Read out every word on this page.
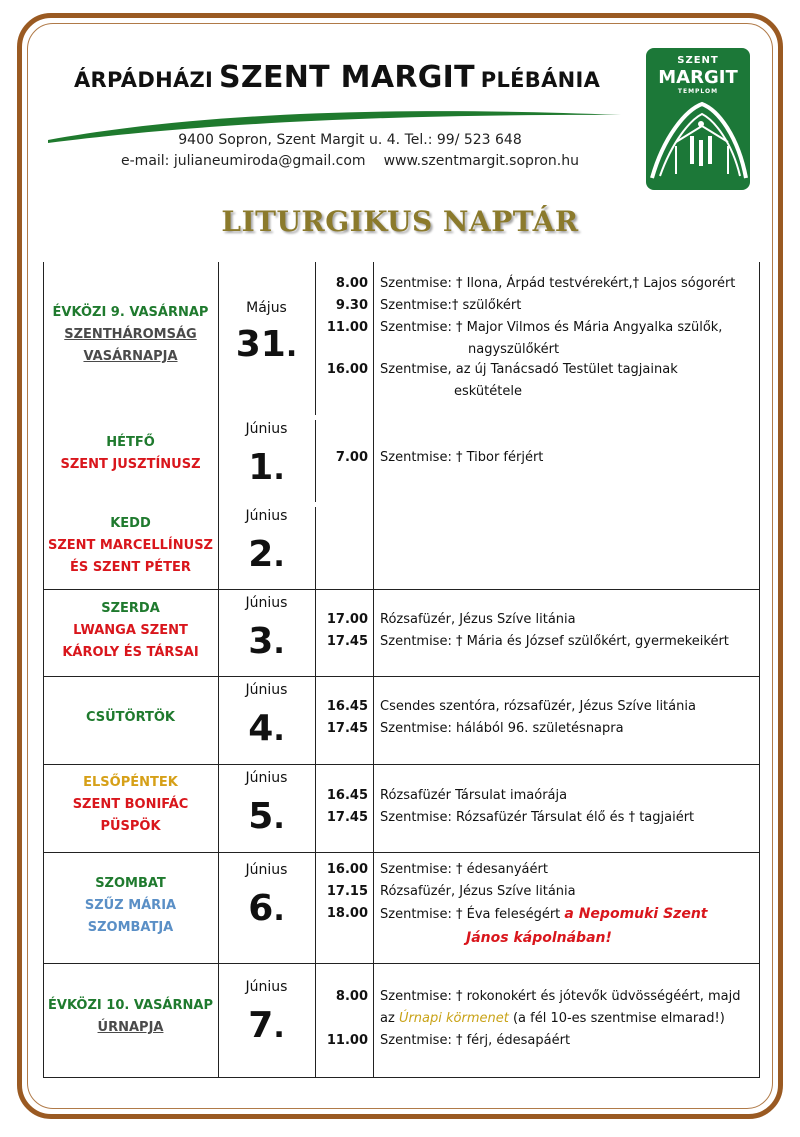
ÁRPÁDHÁZI SZENT MARGIT PLÉBÁNIA
9400 Sopron, Szent Margit u. 4. Tel.: 99/ 523 648
e-mail: julianeumiroda@gmail.com www.szentmargit.sopron.hu
SZENT
MARGIT
TEMPLOM
LITURGIKUS NAPTÁR
ÉVKÖZI 9. VASÁRNAP
SZENTHÁROMSÁG
VASÁRNAPJA
Május
31.
8.00 Szentmise: † Ilona, Árpád testvérekért,† Lajos sógorért
9.30 Szentmise:† szülőkért
11.00 Szentmise: † Major Vilmos és Mária Angyalka szülők,
nagyszülőkért
16.00 Szentmise, az új Tanácsadó Testület tagjainak
eskütétele
HÉTFŐ
SZENT JUSZTÍNUSZ
Június
1.	7.00 Szentmise: † Tibor férjért
KEDD
SZENT MARCELLÍNUSZ
ÉS SZENT PÉTER
Június
2.
SZERDA
LWANGA SZENT
KÁROLY ÉS TÁRSAI
Június
3.
17.00 Rózsafüzér, Jézus Szíve litánia
17.45 Szentmise: † Mária és József szülőkért, gyermekeikért
CSÜTÖRTÖK
Június
4.
16.45 Csendes szentóra, rózsafüzér, Jézus Szíve litánia
17.45 Szentmise: hálából 96. születésnapra
ELSŐPÉNTEK
SZENT BONIFÁC
PÜSPÖK
Június
5.
16.45 Rózsafüzér Társulat imaórája
17.45 Szentmise: Rózsafüzér Társulat élő és † tagjaiért
SZOMBAT
SZŰZ MÁRIA
SZOMBATJA
Június
6.
16.00 Szentmise: † édesanyáért
17.15 Rózsafüzér, Jézus Szíve litánia
18.00 Szentmise: † Éva feleségért a Nepomuki Szent
János kápolnában!
ÉVKÖZI 10. VASÁRNAP
ÚRNAPJA
Június
7.
8.00 Szentmise: † rokonokért és jótevők üdvösségéért, majd
az Úrnapi körmenet (a fél 10-es szentmise elmarad!)
11.00 Szentmise: † férj, édesapáért
